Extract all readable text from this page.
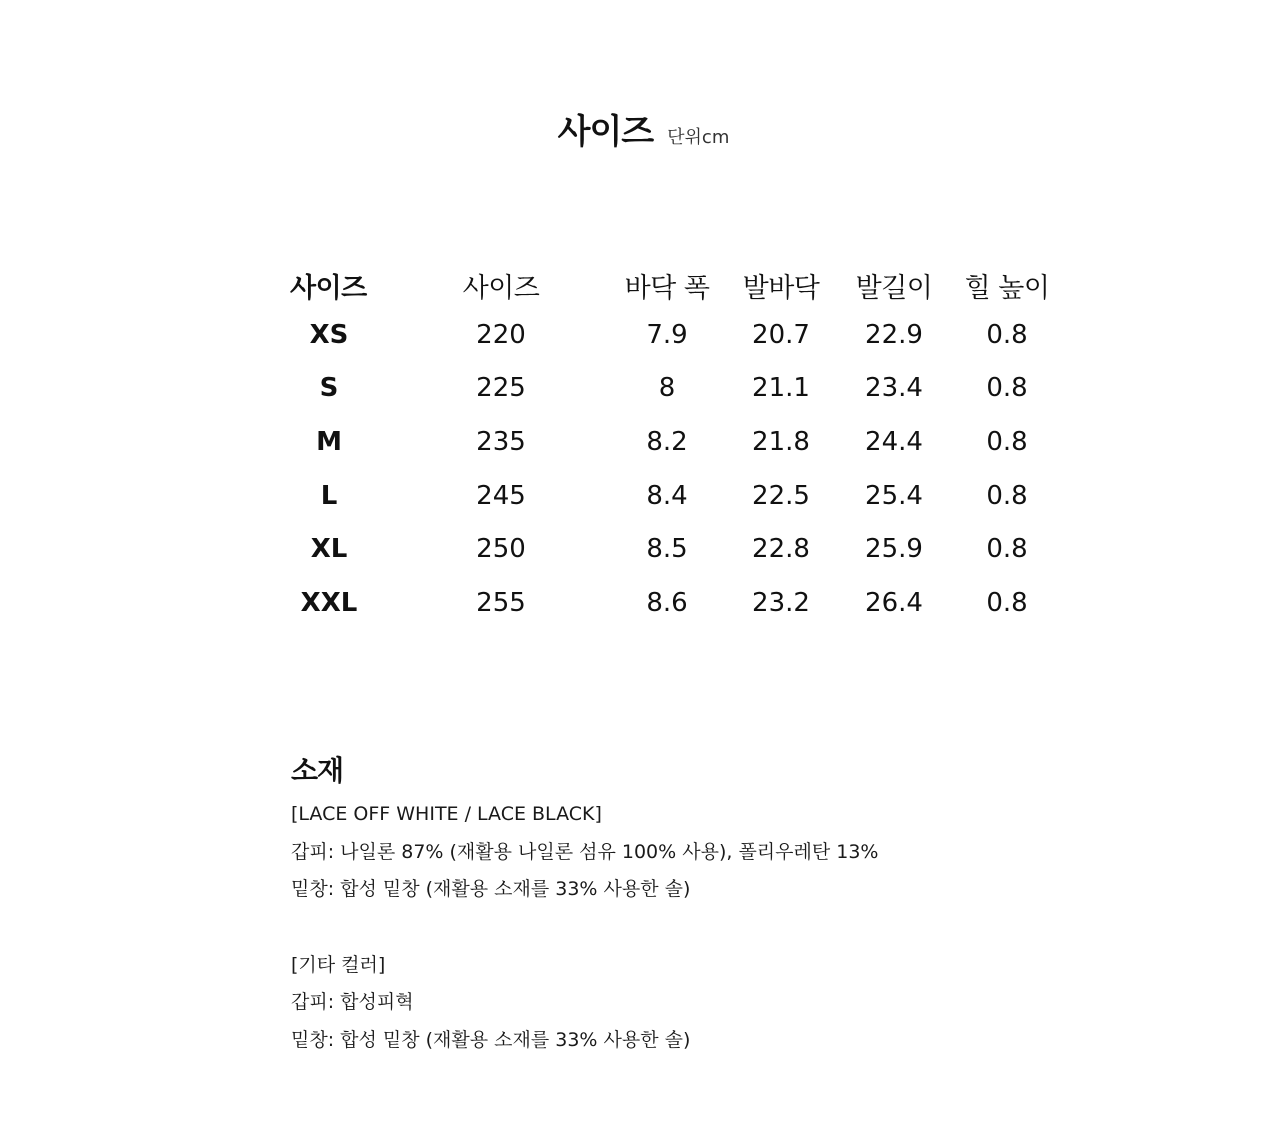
사이즈 단위cm
사이즈	사이즈	바닥 폭	발바닥	발길이	힐 높이
XS	220	7.9	20.7	22.9	0.8
S	225	8	21.1	23.4	0.8
M	235	8.2	21.8	24.4	0.8
L	245	8.4	22.5	25.4	0.8
XL	250	8.5	22.8	25.9	0.8
XXL	255	8.6	23.2	26.4	0.8
소재
[LACE OFF WHITE / LACE BLACK]
갑피: 나일론 87% (재활용 나일론 섬유 100% 사용), 폴리우레탄 13%
밑창: 합성 밑창 (재활용 소재를 33% 사용한 솔)
[기타 컬러]
갑피: 합성피혁
밑창: 합성 밑창 (재활용 소재를 33% 사용한 솔)
